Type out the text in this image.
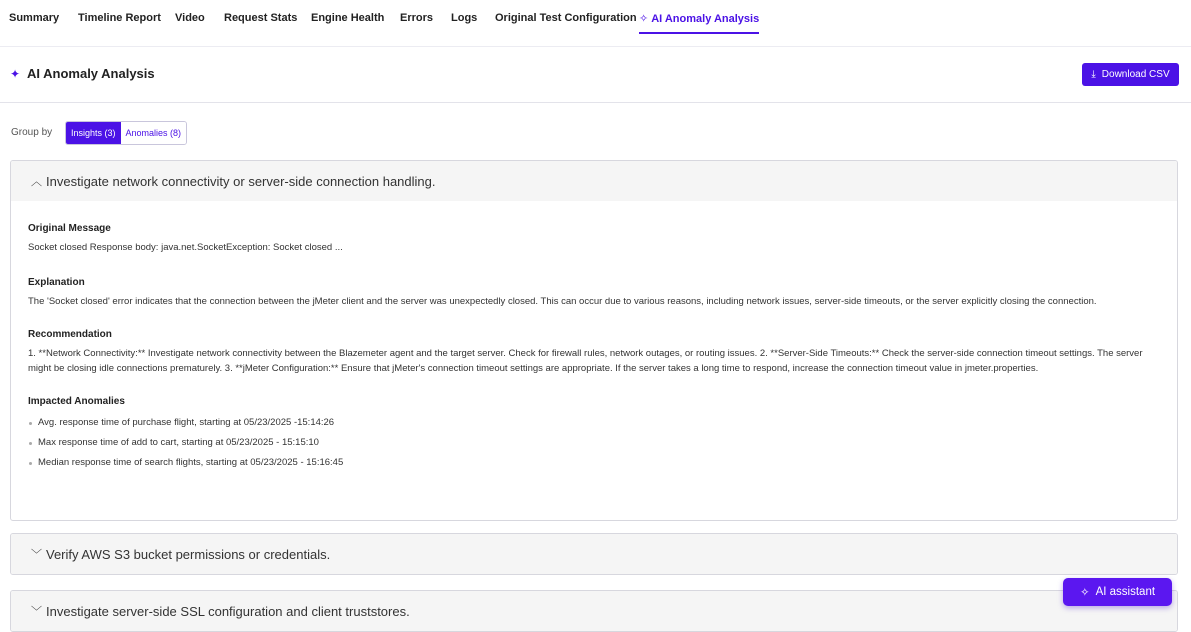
Summary Timeline Report Video Request Stats Engine Health Errors Logs Original Test Configuration ✧ AI Anomaly Analysis
✦ AI Anomaly Analysis	⤓ Download CSV
Group by	Insights (3)	Anomalies (8)
︿ Investigate network connectivity or server-side connection handling.
Original Message
Socket closed Response body: java.net.SocketException: Socket closed ...
Explanation
The 'Socket closed' error indicates that the connection between the jMeter client and the server was unexpectedly closed. This can occur due to various reasons, including network issues, server-side timeouts, or the server explicitly closing the connection.
Recommendation
1. **Network Connectivity:** Investigate network connectivity between the Blazemeter agent and the target server. Check for firewall rules, network outages, or routing issues. 2. **Server-Side Timeouts:** Check the server-side connection timeout settings. The server might be closing idle connections prematurely. 3. **jMeter Configuration:** Ensure that jMeter's connection timeout settings are appropriate. If the server takes a long time to respond, increase the connection timeout value in jmeter.properties.
Impacted Anomalies
Avg. response time of purchase flight, starting at 05/23/2025 -15:14:26
Max response time of add to cart, starting at 05/23/2025 - 15:15:10
Median response time of search flights, starting at 05/23/2025 - 15:16:45
﹀ Verify AWS S3 bucket permissions or credentials.
﹀ Investigate server-side SSL configuration and client truststores.
✧ AI assistant
